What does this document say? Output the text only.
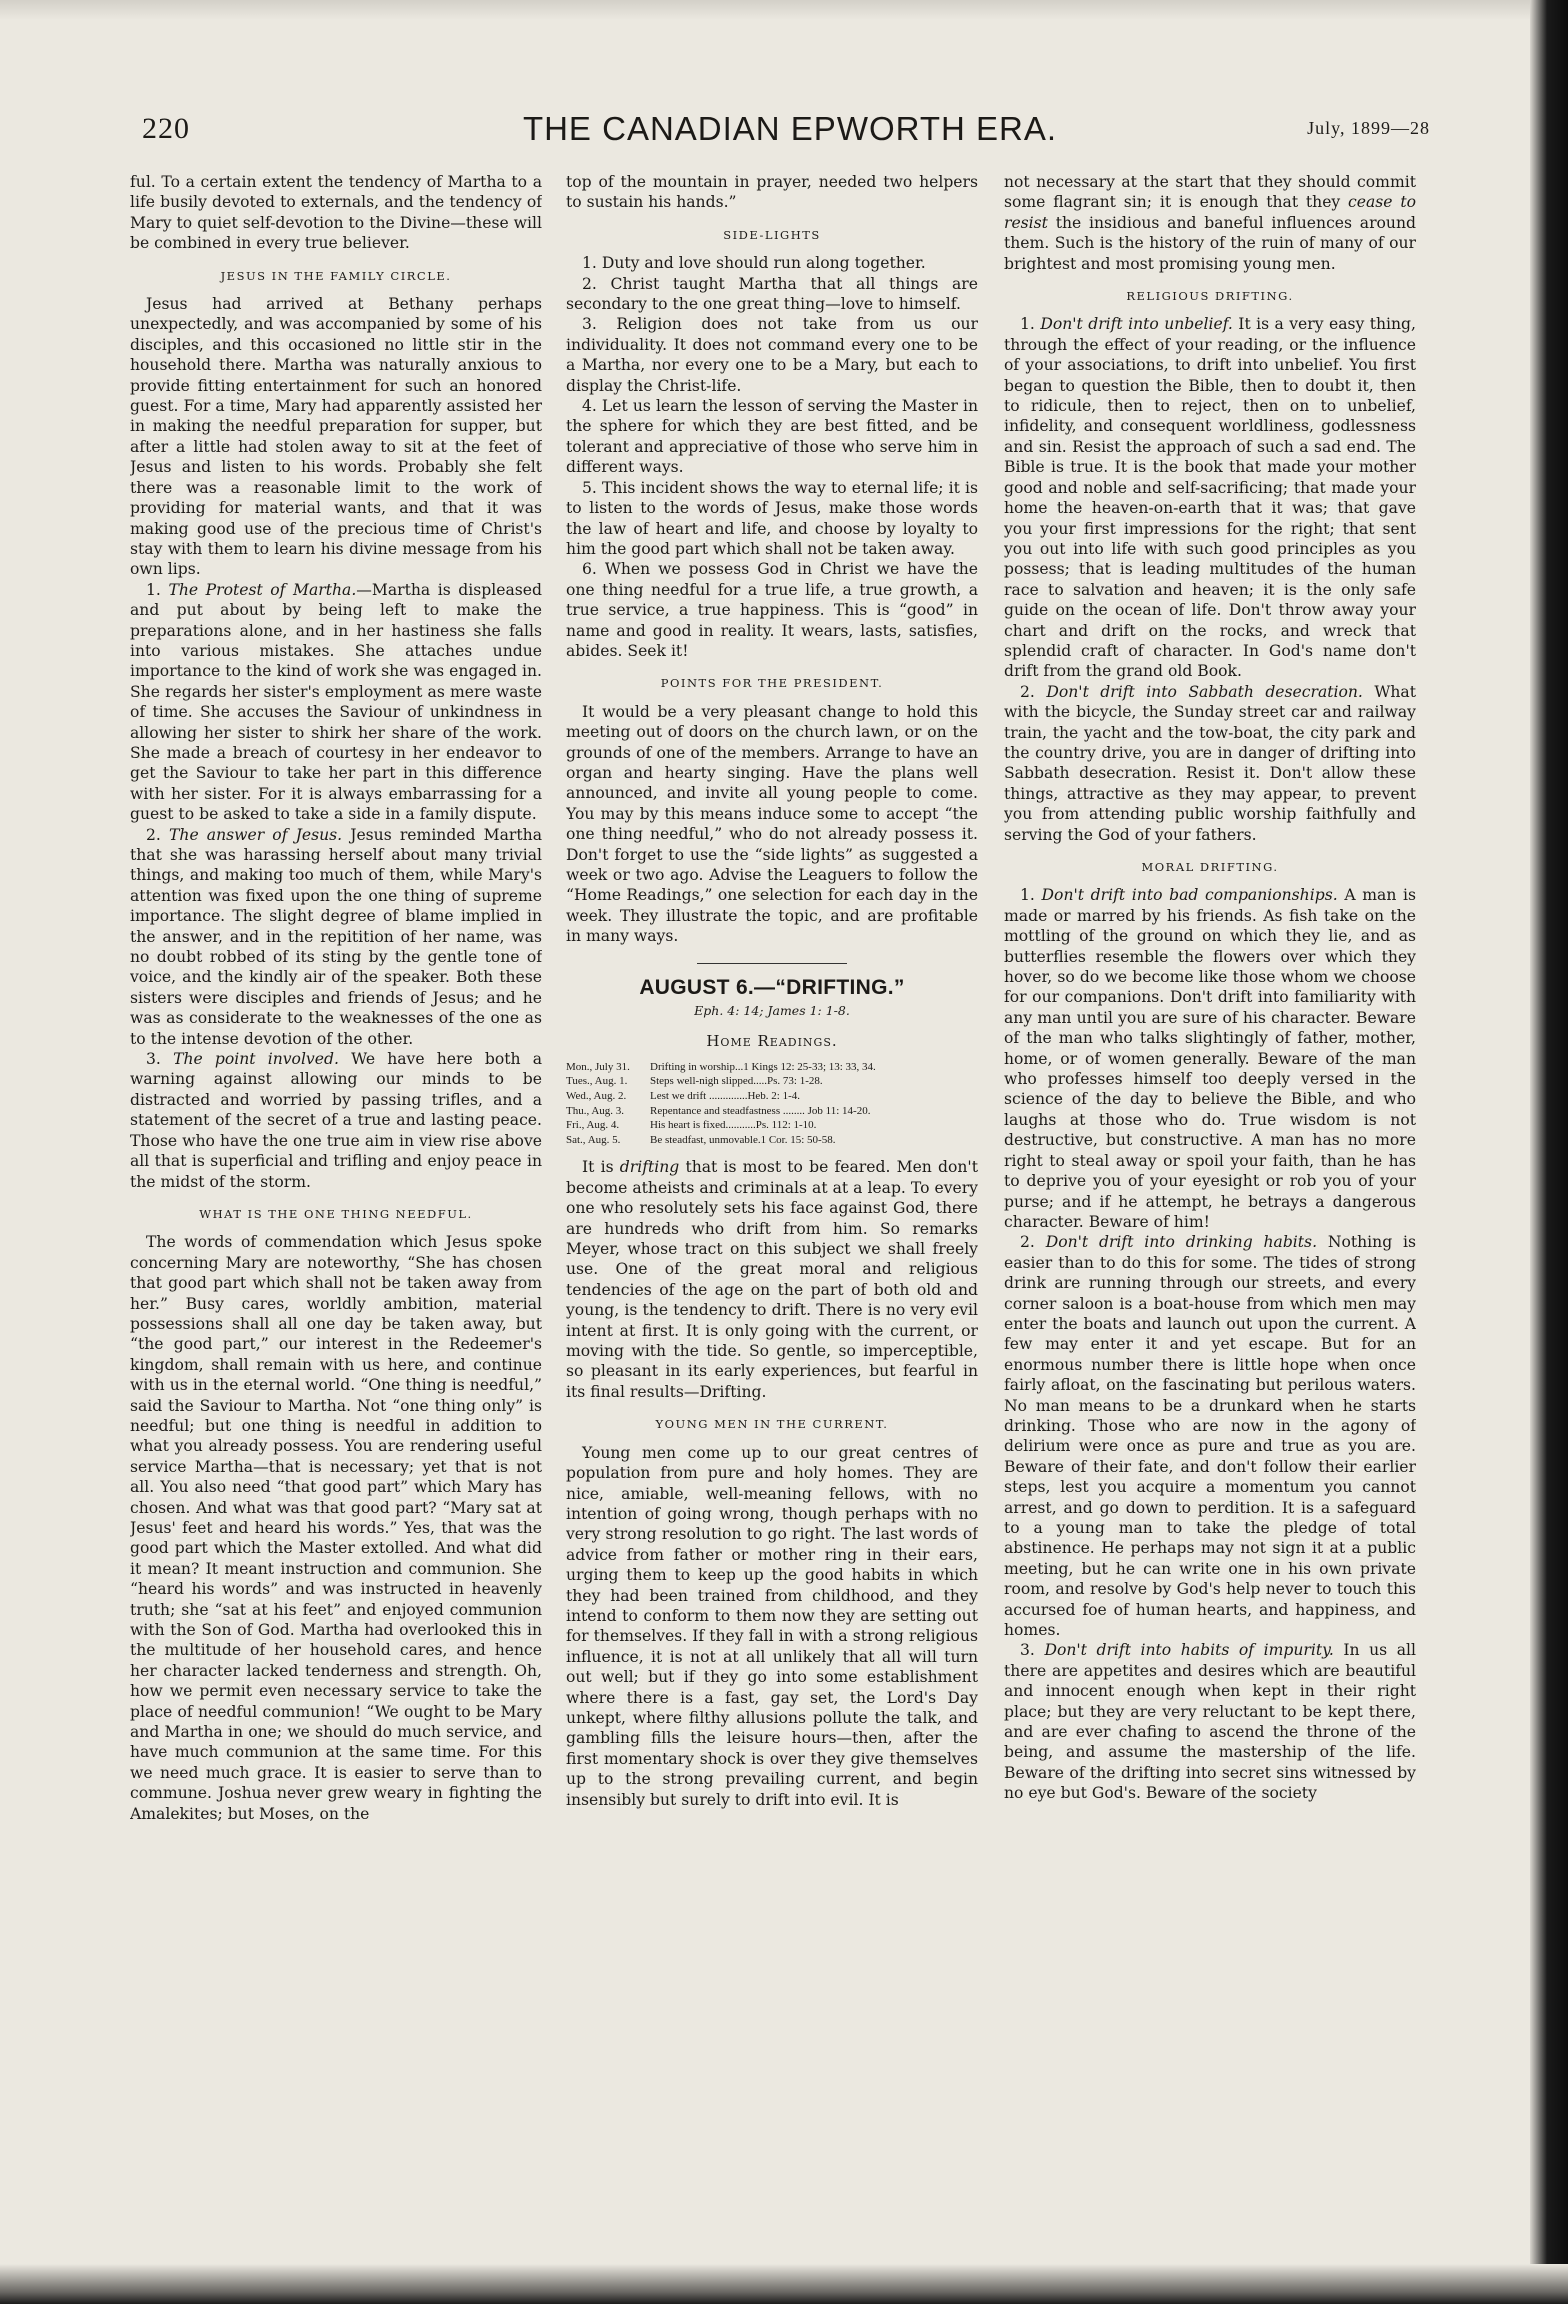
220	THE CANADIAN EPWORTH ERA.	July, 1899—28

ful. To a certain extent the tendency of Martha to a life busily devoted to externals, and the tendency of Mary to quiet self-devotion to the Divine—these will be combined in every true believer.

JESUS IN THE FAMILY CIRCLE.

Jesus had arrived at Bethany perhaps unexpectedly, and was accompanied by some of his disciples, and this occasioned no little stir in the household there. Martha was naturally anxious to provide fitting entertainment for such an honored guest. For a time, Mary had apparently assisted her in making the needful preparation for supper, but after a little had stolen away to sit at the feet of Jesus and listen to his words. Probably she felt there was a reasonable limit to the work of providing for material wants, and that it was making good use of the precious time of Christ's stay with them to learn his divine message from his own lips.

1. The Protest of Martha.—Martha is displeased and put about by being left to make the preparations alone, and in her hastiness she falls into various mistakes. She attaches undue importance to the kind of work she was engaged in. She regards her sister's employment as mere waste of time. She accuses the Saviour of unkindness in allowing her sister to shirk her share of the work. She made a breach of courtesy in her endeavor to get the Saviour to take her part in this difference with her sister. For it is always embarrassing for a guest to be asked to take a side in a family dispute.

2. The answer of Jesus. Jesus reminded Martha that she was harassing herself about many trivial things, and making too much of them, while Mary's attention was fixed upon the one thing of supreme importance. The slight degree of blame implied in the answer, and in the repitition of her name, was no doubt robbed of its sting by the gentle tone of voice, and the kindly air of the speaker. Both these sisters were disciples and friends of Jesus; and he was as considerate to the weaknesses of the one as to the intense devotion of the other.

3. The point involved. We have here both a warning against allowing our minds to be distracted and worried by passing trifles, and a statement of the secret of a true and lasting peace. Those who have the one true aim in view rise above all that is superficial and trifling and enjoy peace in the midst of the storm.

WHAT IS THE ONE THING NEEDFUL.

The words of commendation which Jesus spoke concerning Mary are noteworthy, “She has chosen that good part which shall not be taken away from her.” Busy cares, worldly ambition, material possessions shall all one day be taken away, but “the good part,” our interest in the Redeemer's kingdom, shall remain with us here, and continue with us in the eternal world. “One thing is needful,” said the Saviour to Martha. Not “one thing only” is needful; but one thing is needful in addition to what you already possess. You are rendering useful service Martha—that is necessary; yet that is not all. You also need “that good part” which Mary has chosen. And what was that good part? “Mary sat at Jesus' feet and heard his words.” Yes, that was the good part which the Master extolled. And what did it mean? It meant instruction and communion. She “heard his words” and was instructed in heavenly truth; she “sat at his feet” and enjoyed communion with the Son of God. Martha had overlooked this in the multitude of her household cares, and hence her character lacked tenderness and strength. Oh, how we permit even necessary service to take the place of needful communion! “We ought to be Mary and Martha in one; we should do much service, and have much communion at the same time. For this we need much grace. It is easier to serve than to commune. Joshua never grew weary in fighting the Amalekites; but Moses, on the

top of the mountain in prayer, needed two helpers to sustain his hands.”

SIDE-LIGHTS

1. Duty and love should run along together.

2. Christ taught Martha that all things are secondary to the one great thing—love to himself.

3. Religion does not take from us our individuality. It does not command every one to be a Martha, nor every one to be a Mary, but each to display the Christ-life.

4. Let us learn the lesson of serving the Master in the sphere for which they are best fitted, and be tolerant and appreciative of those who serve him in different ways.

5. This incident shows the way to eternal life; it is to listen to the words of Jesus, make those words the law of heart and life, and choose by loyalty to him the good part which shall not be taken away.

6. When we possess God in Christ we have the one thing needful for a true life, a true growth, a true service, a true happiness. This is “good” in name and good in reality. It wears, lasts, satisfies, abides. Seek it!

POINTS FOR THE PRESIDENT.

It would be a very pleasant change to hold this meeting out of doors on the church lawn, or on the grounds of one of the members. Arrange to have an organ and hearty singing. Have the plans well announced, and invite all young people to come. You may by this means induce some to accept “the one thing needful,” who do not already possess it. Don't forget to use the “side lights” as suggested a week or two ago. Advise the Leaguers to follow the “Home Readings,” one selection for each day in the week. They illustrate the topic, and are profitable in many ways.

AUGUST 6.—“DRIFTING.”
Eph. 4: 14; James 1: 1-8.
Home Readings.
Mon., July 31.	Drifting in worship...1 Kings 12: 25-33; 13: 33, 34.
Tues., Aug. 1.	Steps well-nigh slipped.....Ps. 73: 1-28.
Wed., Aug. 2.	Lest we drift ..............Heb. 2: 1-4.
Thu., Aug. 3.	Repentance and steadfastness ........ Job 11: 14-20.
Fri., Aug. 4.	His heart is fixed...........Ps. 112: 1-10.
Sat., Aug. 5.	Be steadfast, unmovable.1 Cor. 15: 50-58.

It is drifting that is most to be feared. Men don't become atheists and criminals at at a leap. To every one who resolutely sets his face against God, there are hundreds who drift from him. So remarks Meyer, whose tract on this subject we shall freely use. One of the great moral and religious tendencies of the age on the part of both old and young, is the tendency to drift. There is no very evil intent at first. It is only going with the current, or moving with the tide. So gentle, so imperceptible, so pleasant in its early experiences, but fearful in its final results—Drifting.

YOUNG MEN IN THE CURRENT.

Young men come up to our great centres of population from pure and holy homes. They are nice, amiable, well-meaning fellows, with no intention of going wrong, though perhaps with no very strong resolution to go right. The last words of advice from father or mother ring in their ears, urging them to keep up the good habits in which they had been trained from childhood, and they intend to conform to them now they are setting out for themselves. If they fall in with a strong religious influence, it is not at all unlikely that all will turn out well; but if they go into some establishment where there is a fast, gay set, the Lord's Day unkept, where filthy allusions pollute the talk, and gambling fills the leisure hours—then, after the first momentary shock is over they give themselves up to the strong prevailing current, and begin insensibly but surely to drift into evil. It is

not necessary at the start that they should commit some flagrant sin; it is enough that they cease to resist the insidious and baneful influences around them. Such is the history of the ruin of many of our brightest and most promising young men.

RELIGIOUS DRIFTING.

1. Don't drift into unbelief. It is a very easy thing, through the effect of your reading, or the influence of your associations, to drift into unbelief. You first began to question the Bible, then to doubt it, then to ridicule, then to reject, then on to unbelief, infidelity, and consequent worldliness, godlessness and sin. Resist the approach of such a sad end. The Bible is true. It is the book that made your mother good and noble and self-sacrificing; that made your home the heaven-on-earth that it was; that gave you your first impressions for the right; that sent you out into life with such good principles as you possess; that is leading multitudes of the human race to salvation and heaven; it is the only safe guide on the ocean of life. Don't throw away your chart and drift on the rocks, and wreck that splendid craft of character. In God's name don't drift from the grand old Book.

2. Don't drift into Sabbath desecration. What with the bicycle, the Sunday street car and railway train, the yacht and the tow-boat, the city park and the country drive, you are in danger of drifting into Sabbath desecration. Resist it. Don't allow these things, attractive as they may appear, to prevent you from attending public worship faithfully and serving the God of your fathers.

MORAL DRIFTING.

1. Don't drift into bad companionships. A man is made or marred by his friends. As fish take on the mottling of the ground on which they lie, and as butterflies resemble the flowers over which they hover, so do we become like those whom we choose for our companions. Don't drift into familiarity with any man until you are sure of his character. Beware of the man who talks slightingly of father, mother, home, or of women generally. Beware of the man who professes himself too deeply versed in the science of the day to believe the Bible, and who laughs at those who do. True wisdom is not destructive, but constructive. A man has no more right to steal away or spoil your faith, than he has to deprive you of your eyesight or rob you of your purse; and if he attempt, he betrays a dangerous character. Beware of him!

2. Don't drift into drinking habits. Nothing is easier than to do this for some. The tides of strong drink are running through our streets, and every corner saloon is a boat-house from which men may enter the boats and launch out upon the current. A few may enter it and yet escape. But for an enormous number there is little hope when once fairly afloat, on the fascinating but perilous waters. No man means to be a drunkard when he starts drinking. Those who are now in the agony of delirium were once as pure and true as you are. Beware of their fate, and don't follow their earlier steps, lest you acquire a momentum you cannot arrest, and go down to perdition. It is a safeguard to a young man to take the pledge of total abstinence. He perhaps may not sign it at a public meeting, but he can write one in his own private room, and resolve by God's help never to touch this accursed foe of human hearts, and happiness, and homes.

3. Don't drift into habits of impurity. In us all there are appetites and desires which are beautiful and innocent enough when kept in their right place; but they are very reluctant to be kept there, and are ever chafing to ascend the throne of the being, and assume the mastership of the life. Beware of the drifting into secret sins witnessed by no eye but God's. Beware of the society
